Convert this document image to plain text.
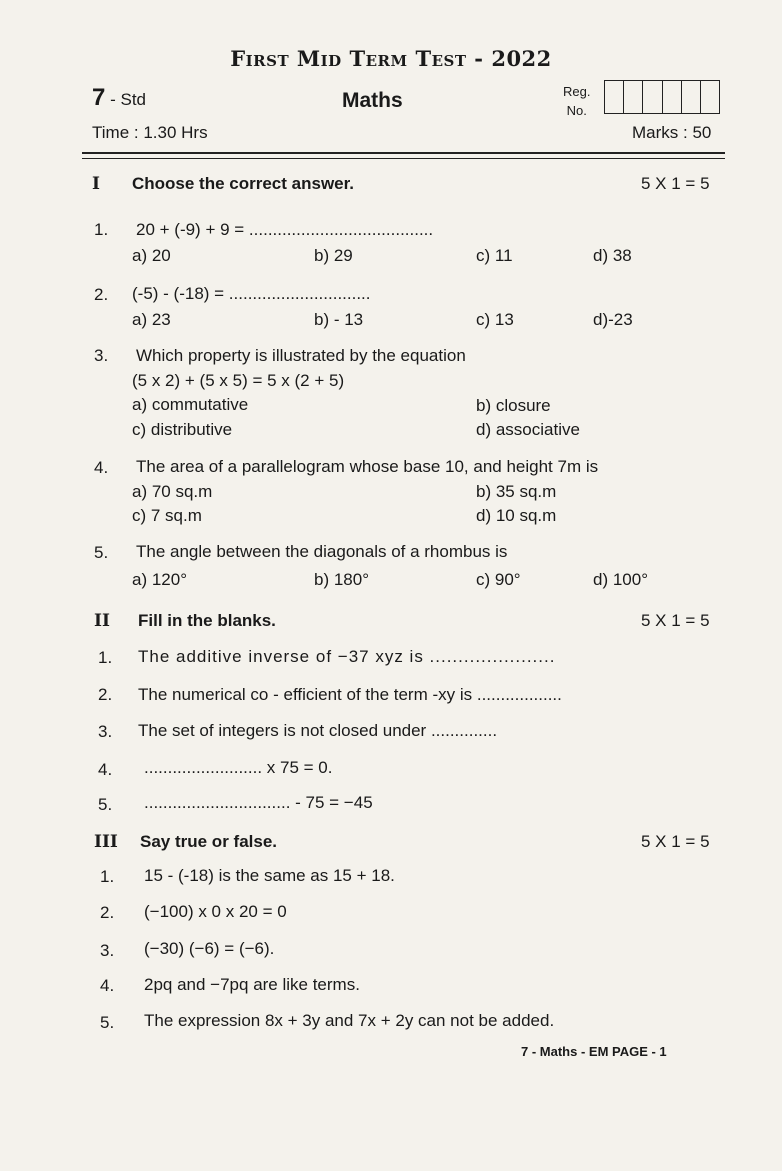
First Mid Term Test - 2022
7 - Std	Maths	Reg.
No.
Time : 1.30 Hrs	Marks : 50
I Choose the correct answer.	5 X 1 = 5
1. 20 + (-9) + 9 = .......................................
a) 20	b) 29	c) 11	d) 38
2. (-5) - (-18) = ..............................
a) 23	b) - 13	c) 13	d)-23
3. Which property is illustrated by the equation
(5 x 2) + (5 x 5) = 5 x (2 + 5)
a) commutative	b) closure
c) distributive	d) associative
4. The area of a parallelogram whose base 10, and height 7m is
a) 70 sq.m	b) 35 sq.m
c) 7 sq.m	d) 10 sq.m
5. The angle between the diagonals of a rhombus is
a) 120°	b) 180°	c) 90°	d) 100°
II Fill in the blanks.	5 X 1 = 5
1. The additive inverse of −37 xyz is ......................
2. The numerical co - efficient of the term -xy is ..................
3. The set of integers is not closed under ..............
4. ......................... x 75 = 0.
5. ............................... - 75 = −45
III Say true or false.	5 X 1 = 5
1. 15 - (-18) is the same as 15 + 18.
2. (−100) x 0 x 20 = 0
3. (−30) (−6) = (−6).
4. 2pq and −7pq are like terms.
5. The expression 8x + 3y and 7x + 2y can not be added.
7 - Maths - EM PAGE - 1
